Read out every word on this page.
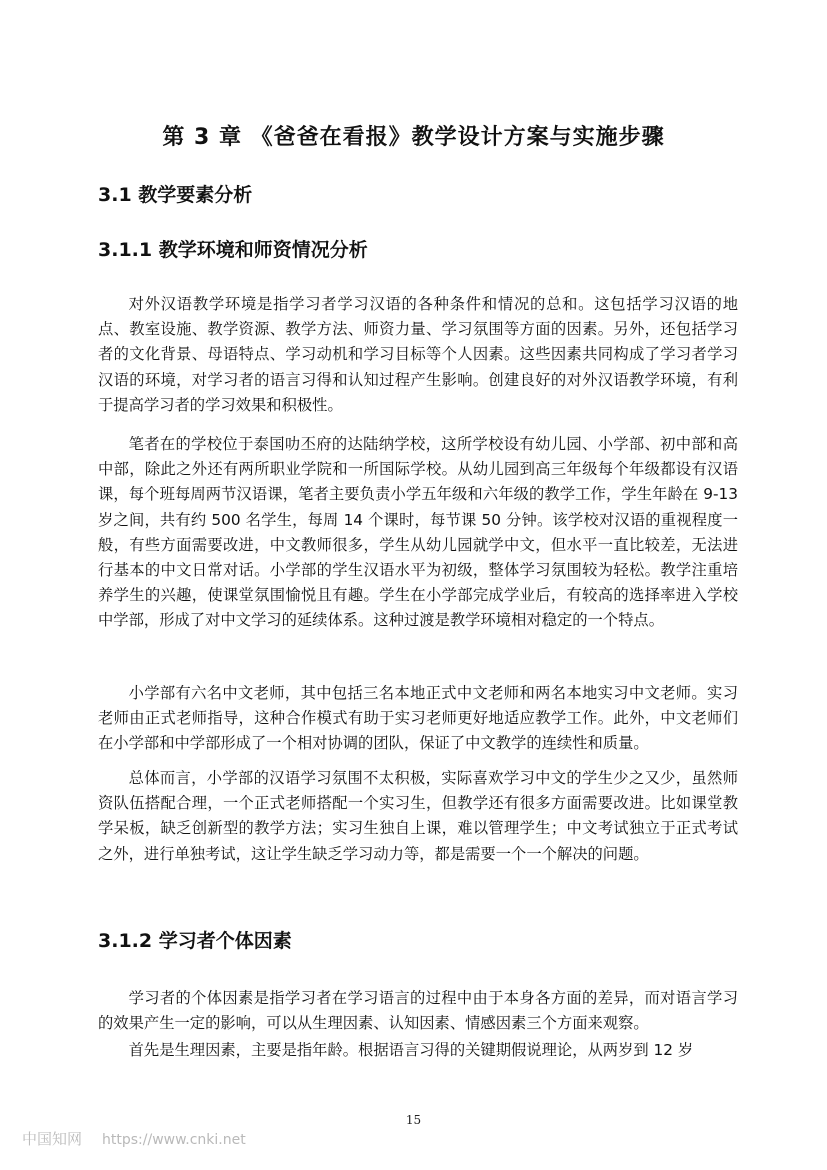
第 3 章 《爸爸在看报》教学设计方案与实施步骤
3.1 教学要素分析
3.1.1 教学环境和师资情况分析

对外汉语教学环境是指学习者学习汉语的各种条件和情况的总和。这包括学习汉语的地点、教室设施、教学资源、教学方法、师资力量、学习氛围等方面的因素。另外，还包括学习者的文化背景、母语特点、学习动机和学习目标等个人因素。这些因素共同构成了学习者学习汉语的环境，对学习者的语言习得和认知过程产生影响。创建良好的对外汉语教学环境，有利于提高学习者的学习效果和积极性。

笔者在的学校位于泰国叻丕府的达陆纳学校，这所学校设有幼儿园、小学部、初中部和高中部，除此之外还有两所职业学院和一所国际学校。从幼儿园到高三年级每个年级都设有汉语课，每个班每周两节汉语课，笔者主要负责小学五年级和六年级的教学工作，学生年龄在 9-13 岁之间，共有约 500 名学生，每周 14 个课时，每节课 50 分钟。该学校对汉语的重视程度一般，有些方面需要改进，中文教师很多，学生从幼儿园就学中文，但水平一直比较差，无法进行基本的中文日常对话。小学部的学生汉语水平为初级，整体学习氛围较为轻松。教学注重培养学生的兴趣，使课堂氛围愉悦且有趣。学生在小学部完成学业后，有较高的选择率进入学校中学部，形成了对中文学习的延续体系。这种过渡是教学环境相对稳定的一个特点。

小学部有六名中文老师，其中包括三名本地正式中文老师和两名本地实习中文老师。实习老师由正式老师指导，这种合作模式有助于实习老师更好地适应教学工作。此外，中文老师们在小学部和中学部形成了一个相对协调的团队，保证了中文教学的连续性和质量。

总体而言，小学部的汉语学习氛围不太积极，实际喜欢学习中文的学生少之又少，虽然师资队伍搭配合理，一个正式老师搭配一个实习生，但教学还有很多方面需要改进。比如课堂教学呆板，缺乏创新型的教学方法；实习生独自上课，难以管理学生；中文考试独立于正式考试之外，进行单独考试，这让学生缺乏学习动力等，都是需要一个一个解决的问题。

3.1.2 学习者个体因素

学习者的个体因素是指学习者在学习语言的过程中由于本身各方面的差异，而对语言学习的效果产生一定的影响，可以从生理因素、认知因素、情感因素三个方面来观察。

首先是生理因素，主要是指年龄。根据语言习得的关键期假说理论，从两岁到 12 岁

15
中国知网 https://www.cnki.net
